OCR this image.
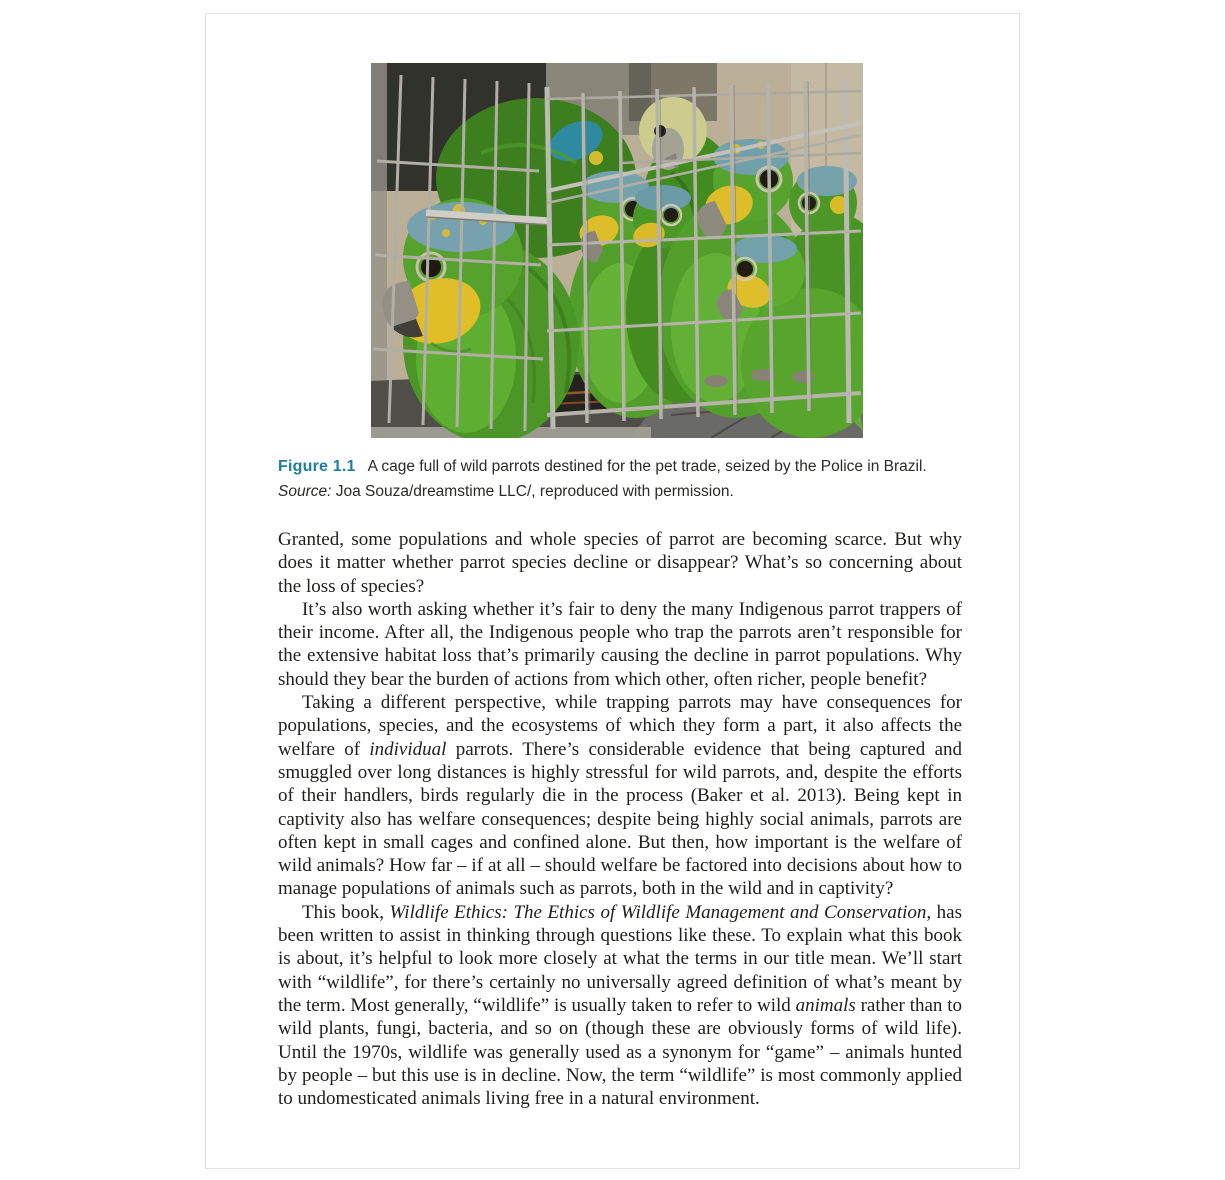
Figure 1.1 A cage full of wild parrots destined for the pet trade, seized by the Police in Brazil.
Source: Joa Souza/dreamstime LLC/, reproduced with permission.

Granted, some populations and whole species of parrot are becoming scarce. But why does it matter whether parrot species decline or disappear? What’s so concerning about the loss of species?

It’s also worth asking whether it’s fair to deny the many Indigenous parrot trappers of their income. After all, the Indigenous people who trap the parrots aren’t responsible for the extensive habitat loss that’s primarily causing the decline in parrot populations. Why should they bear the burden of actions from which other, often richer, people benefit?

Taking a different perspective, while trapping parrots may have consequences for populations, species, and the ecosystems of which they form a part, it also affects the welfare of individual parrots. There’s considerable evidence that being captured and smuggled over long distances is highly stressful for wild parrots, and, despite the efforts of their handlers, birds regularly die in the process (Baker et al. 2013). Being kept in captivity also has welfare consequences; despite being highly social animals, parrots are often kept in small cages and confined alone. But then, how important is the welfare of wild animals? How far – if at all – should welfare be factored into decisions about how to manage populations of animals such as parrots, both in the wild and in captivity?

This book, Wildlife Ethics: The Ethics of Wildlife Management and Conservation, has been written to assist in thinking through questions like these. To explain what this book is about, it’s helpful to look more closely at what the terms in our title mean. We’ll start with “wildlife”, for there’s certainly no universally agreed definition of what’s meant by the term. Most generally, “wildlife” is usually taken to refer to wild animals rather than to wild plants, fungi, bacteria, and so on (though these are obviously forms of wild life). Until the 1970s, wildlife was generally used as a synonym for “game” – animals hunted by people – but this use is in decline. Now, the term “wildlife” is most commonly applied to undomesticated animals living free in a natural environment.
